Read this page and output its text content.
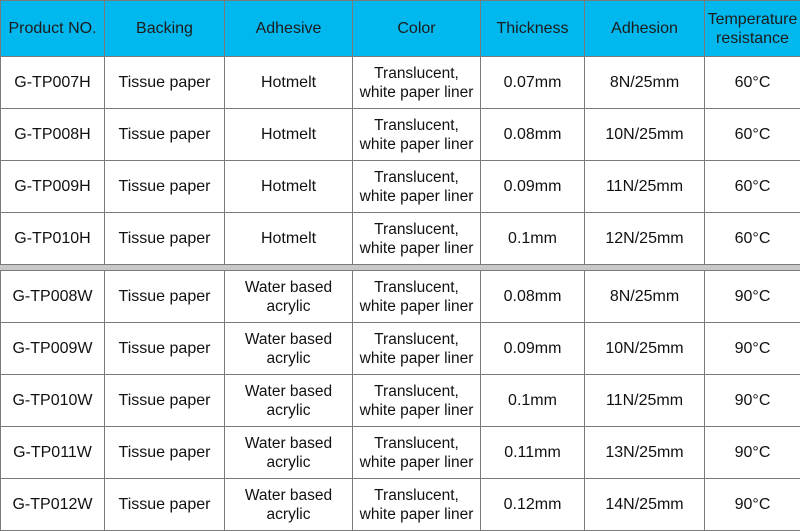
Product NO.	Backing	Adhesive	Color	Thickness	Adhesion	Temperature
resistance

G-TP007H	Tissue paper	Hotmelt	Translucent,
white paper liner	0.07mm	8N/25mm	60°C
G-TP008H	Tissue paper	Hotmelt	Translucent,
white paper liner	0.08mm	10N/25mm	60°C
G-TP009H	Tissue paper	Hotmelt	Translucent,
white paper liner	0.09mm	11N/25mm	60°C
G-TP010H	Tissue paper	Hotmelt	Translucent,
white paper liner	0.1mm	12N/25mm	60°C

G-TP008W	Tissue paper	Water based
acrylic	Translucent,
white paper liner	0.08mm	8N/25mm	90°C
G-TP009W	Tissue paper	Water based
acrylic	Translucent,
white paper liner	0.09mm	10N/25mm	90°C
G-TP010W	Tissue paper	Water based
acrylic	Translucent,
white paper liner	0.1mm	11N/25mm	90°C
G-TP011W	Tissue paper	Water based
acrylic	Translucent,
white paper liner	0.11mm	13N/25mm	90°C
G-TP012W	Tissue paper	Water based
acrylic	Translucent,
white paper liner	0.12mm	14N/25mm	90°C
